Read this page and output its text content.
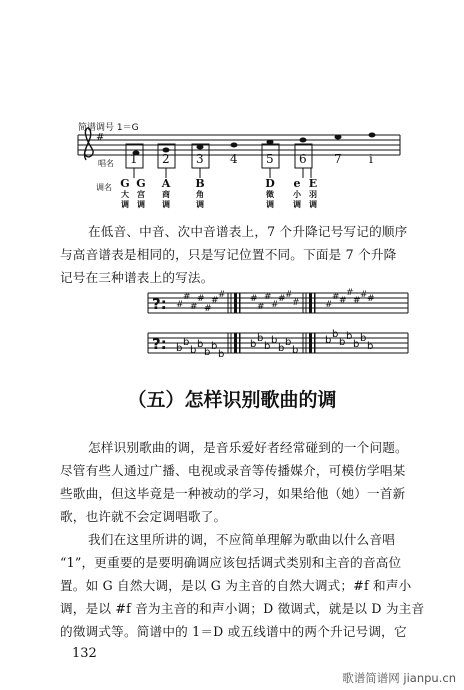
#
简谱调号 1＝G
唱名 1 2 3 4 5 6 7 i
调名 G
大
调
G
宫
调
A
商
调
B
角
调
D
徵
调
e
小
调
E
羽
调
在低音、中音、次中音谱表上，7 个升降记号写记的顺序
与高音谱表是相同的，只是写记位置不同。下面是 7 个升降
记号在三种谱表上的写法。
?:
?:
#
#
#
#
#
#
#	#
#
#
#
# #
#	#
# #
#
#
# #
b
b
b
b
b
b
b
b
b
b
b
b
b
b
b
b
b
b
b
b
b
（五）怎样识别歌曲的调
怎样识别歌曲的调，是音乐爱好者经常碰到的一个问题。
尽管有些人通过广播、电视或录音等传播媒介，可模仿学唱某
些歌曲，但这毕竟是一种被动的学习，如果给他（她）一首新
歌，也许就不会定调唱歌了。
我们在这里所讲的调，不应简单理解为歌曲以什么音唱
“1”，更重要的是要明确调应该包括调式类别和主音的音高位
置。如 G 自然大调，是以 G 为主音的自然大调式；#f 和声小
调，是以 #f 音为主音的和声小调；D 徵调式，就是以 D 为主音
的徵调式等。简谱中的 1＝D 或五线谱中的两个升记号调，它
132
歌谱简谱网 jianpu.cn
